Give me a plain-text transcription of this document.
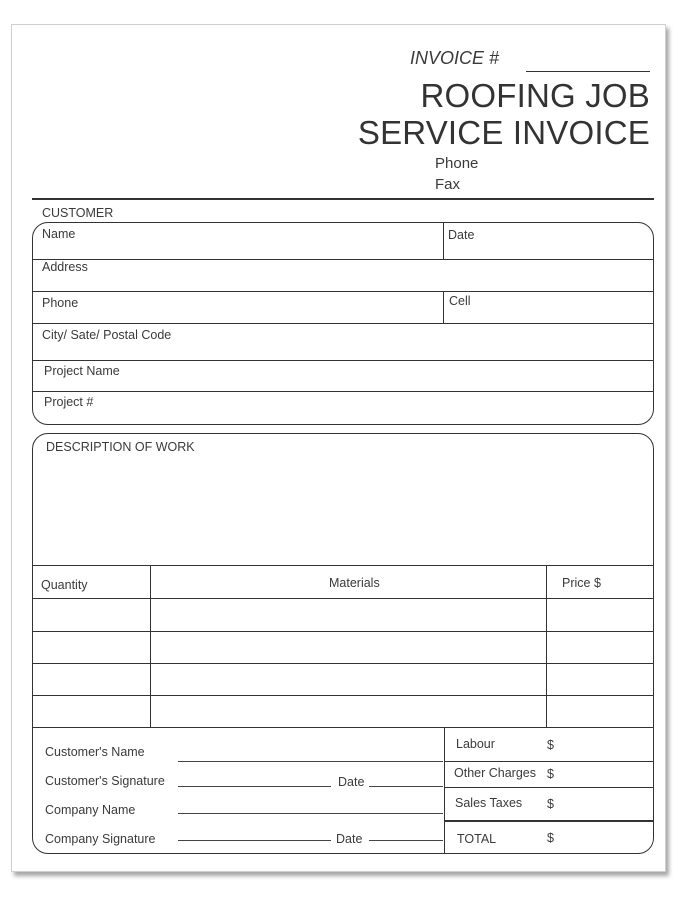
INVOICE #
ROOFING JOB
SERVICE INVOICE
Phone
Fax
CUSTOMER
Name	Date
Address
Phone	Cell
City/ Sate/ Postal Code
Project Name
Project #
DESCRIPTION OF WORK
Quantity	Materials	Price $
Labour	$
Other Charges $
Sales Taxes $
TOTAL	$
Customer's Name
Customer's Signature	Date
Company Name
Company Signature	Date
